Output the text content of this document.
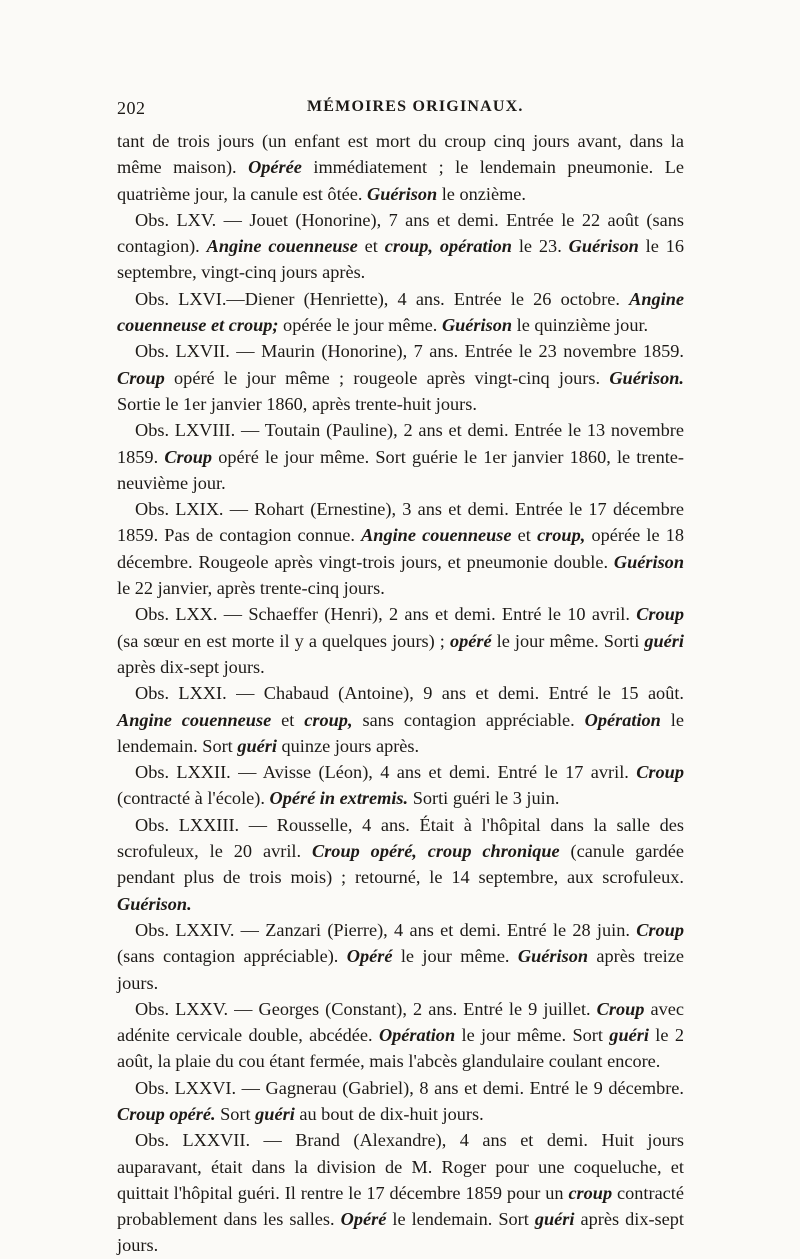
202	MÉMOIRES ORIGINAUX.

tant de trois jours (un enfant est mort du croup cinq jours avant, dans la même maison). Opérée immédiatement ; le lendemain pneumonie. Le quatrième jour, la canule est ôtée. Guérison le onzième.

Obs. LXV. — Jouet (Honorine), 7 ans et demi. Entrée le 22 août (sans contagion). Angine couenneuse et croup, opération le 23. Guérison le 16 septembre, vingt-cinq jours après.

Obs. LXVI.—Diener (Henriette), 4 ans. Entrée le 26 octobre. Angine couenneuse et croup; opérée le jour même. Guérison le quinzième jour.

Obs. LXVII. — Maurin (Honorine), 7 ans. Entrée le 23 novembre 1859. Croup opéré le jour même ; rougeole après vingt-cinq jours. Guérison. Sortie le 1er janvier 1860, après trente-huit jours.

Obs. LXVIII. — Toutain (Pauline), 2 ans et demi. Entrée le 13 novembre 1859. Croup opéré le jour même. Sort guérie le 1er janvier 1860, le trente-neuvième jour.

Obs. LXIX. — Rohart (Ernestine), 3 ans et demi. Entrée le 17 décembre 1859. Pas de contagion connue. Angine couenneuse et croup, opérée le 18 décembre. Rougeole après vingt-trois jours, et pneumonie double. Guérison le 22 janvier, après trente-cinq jours.

Obs. LXX. — Schaeffer (Henri), 2 ans et demi. Entré le 10 avril. Croup (sa sœur en est morte il y a quelques jours) ; opéré le jour même. Sorti guéri après dix-sept jours.

Obs. LXXI. — Chabaud (Antoine), 9 ans et demi. Entré le 15 août. Angine couenneuse et croup, sans contagion appréciable. Opération le lendemain. Sort guéri quinze jours après.

Obs. LXXII. — Avisse (Léon), 4 ans et demi. Entré le 17 avril. Croup (contracté à l'école). Opéré in extremis. Sorti guéri le 3 juin.

Obs. LXXIII. — Rousselle, 4 ans. Était à l'hôpital dans la salle des scrofuleux, le 20 avril. Croup opéré, croup chronique (canule gardée pendant plus de trois mois) ; retourné, le 14 septembre, aux scrofuleux. Guérison.

Obs. LXXIV. — Zanzari (Pierre), 4 ans et demi. Entré le 28 juin. Croup (sans contagion appréciable). Opéré le jour même. Guérison après treize jours.

Obs. LXXV. — Georges (Constant), 2 ans. Entré le 9 juillet. Croup avec adénite cervicale double, abcédée. Opération le jour même. Sort guéri le 2 août, la plaie du cou étant fermée, mais l'abcès glandulaire coulant encore.

Obs. LXXVI. — Gagnerau (Gabriel), 8 ans et demi. Entré le 9 décembre. Croup opéré. Sort guéri au bout de dix-huit jours.

Obs. LXXVII. — Brand (Alexandre), 4 ans et demi. Huit jours auparavant, était dans la division de M. Roger pour une coqueluche, et quittait l'hôpital guéri. Il rentre le 17 décembre 1859 pour un croup contracté probablement dans les salles. Opéré le lendemain. Sort guéri après dix-sept jours.
